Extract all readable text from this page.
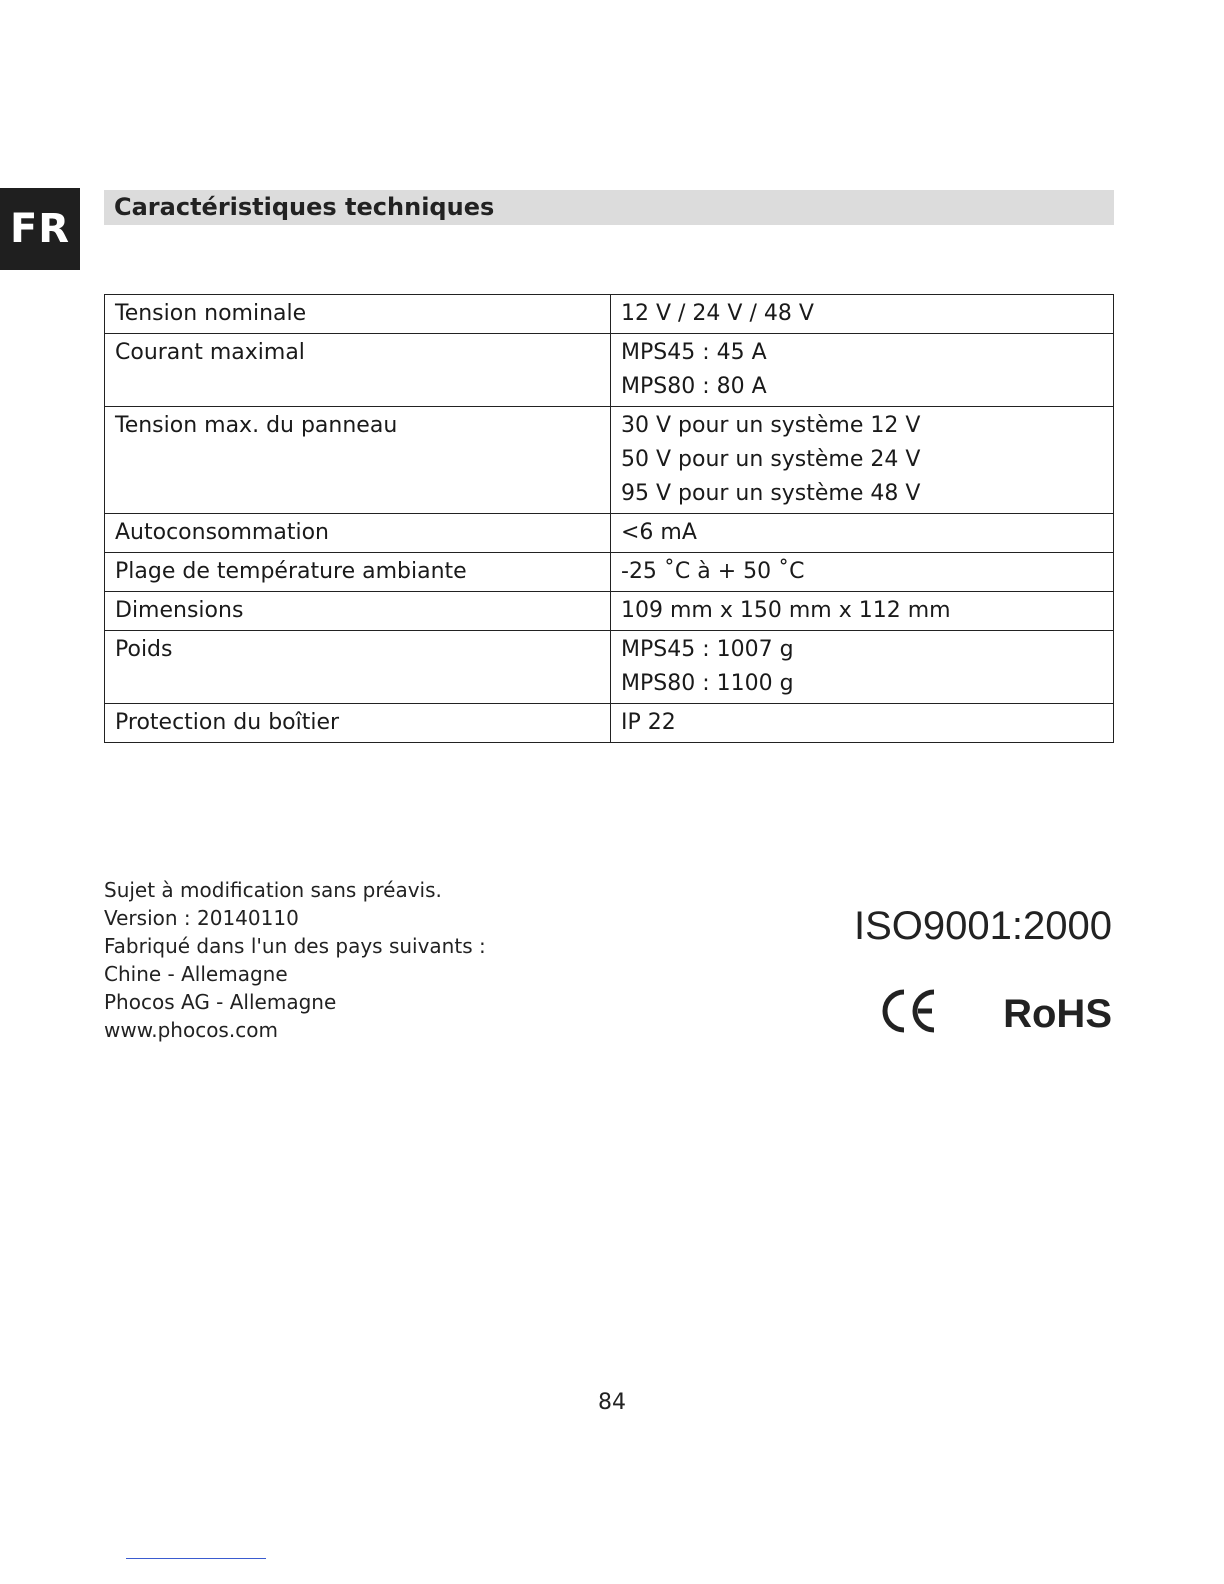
FR	Caractéristiques techniques
Tension nominale	12 V / 24 V / 48 V

Courant maximal	MPS45 : 45 A
MPS80 : 80 A

Tension max. du panneau	30 V pour un système 12 V
50 V pour un système 24 V
95 V pour un système 48 V

Autoconsommation	<6 mA

Plage de température ambiante	-25 ˚C à + 50 ˚C

Dimensions	109 mm x 150 mm x 112 mm

Poids	MPS45 : 1007 g
MPS80 : 1100 g

Protection du boîtier	IP 22
Sujet à modification sans préavis.
Version : 20140110
Fabriqué dans l'un des pays suivants :
Chine - Allemagne
Phocos AG - Allemagne
www.phocos.com
ISO9001:2000
RoHS
84
